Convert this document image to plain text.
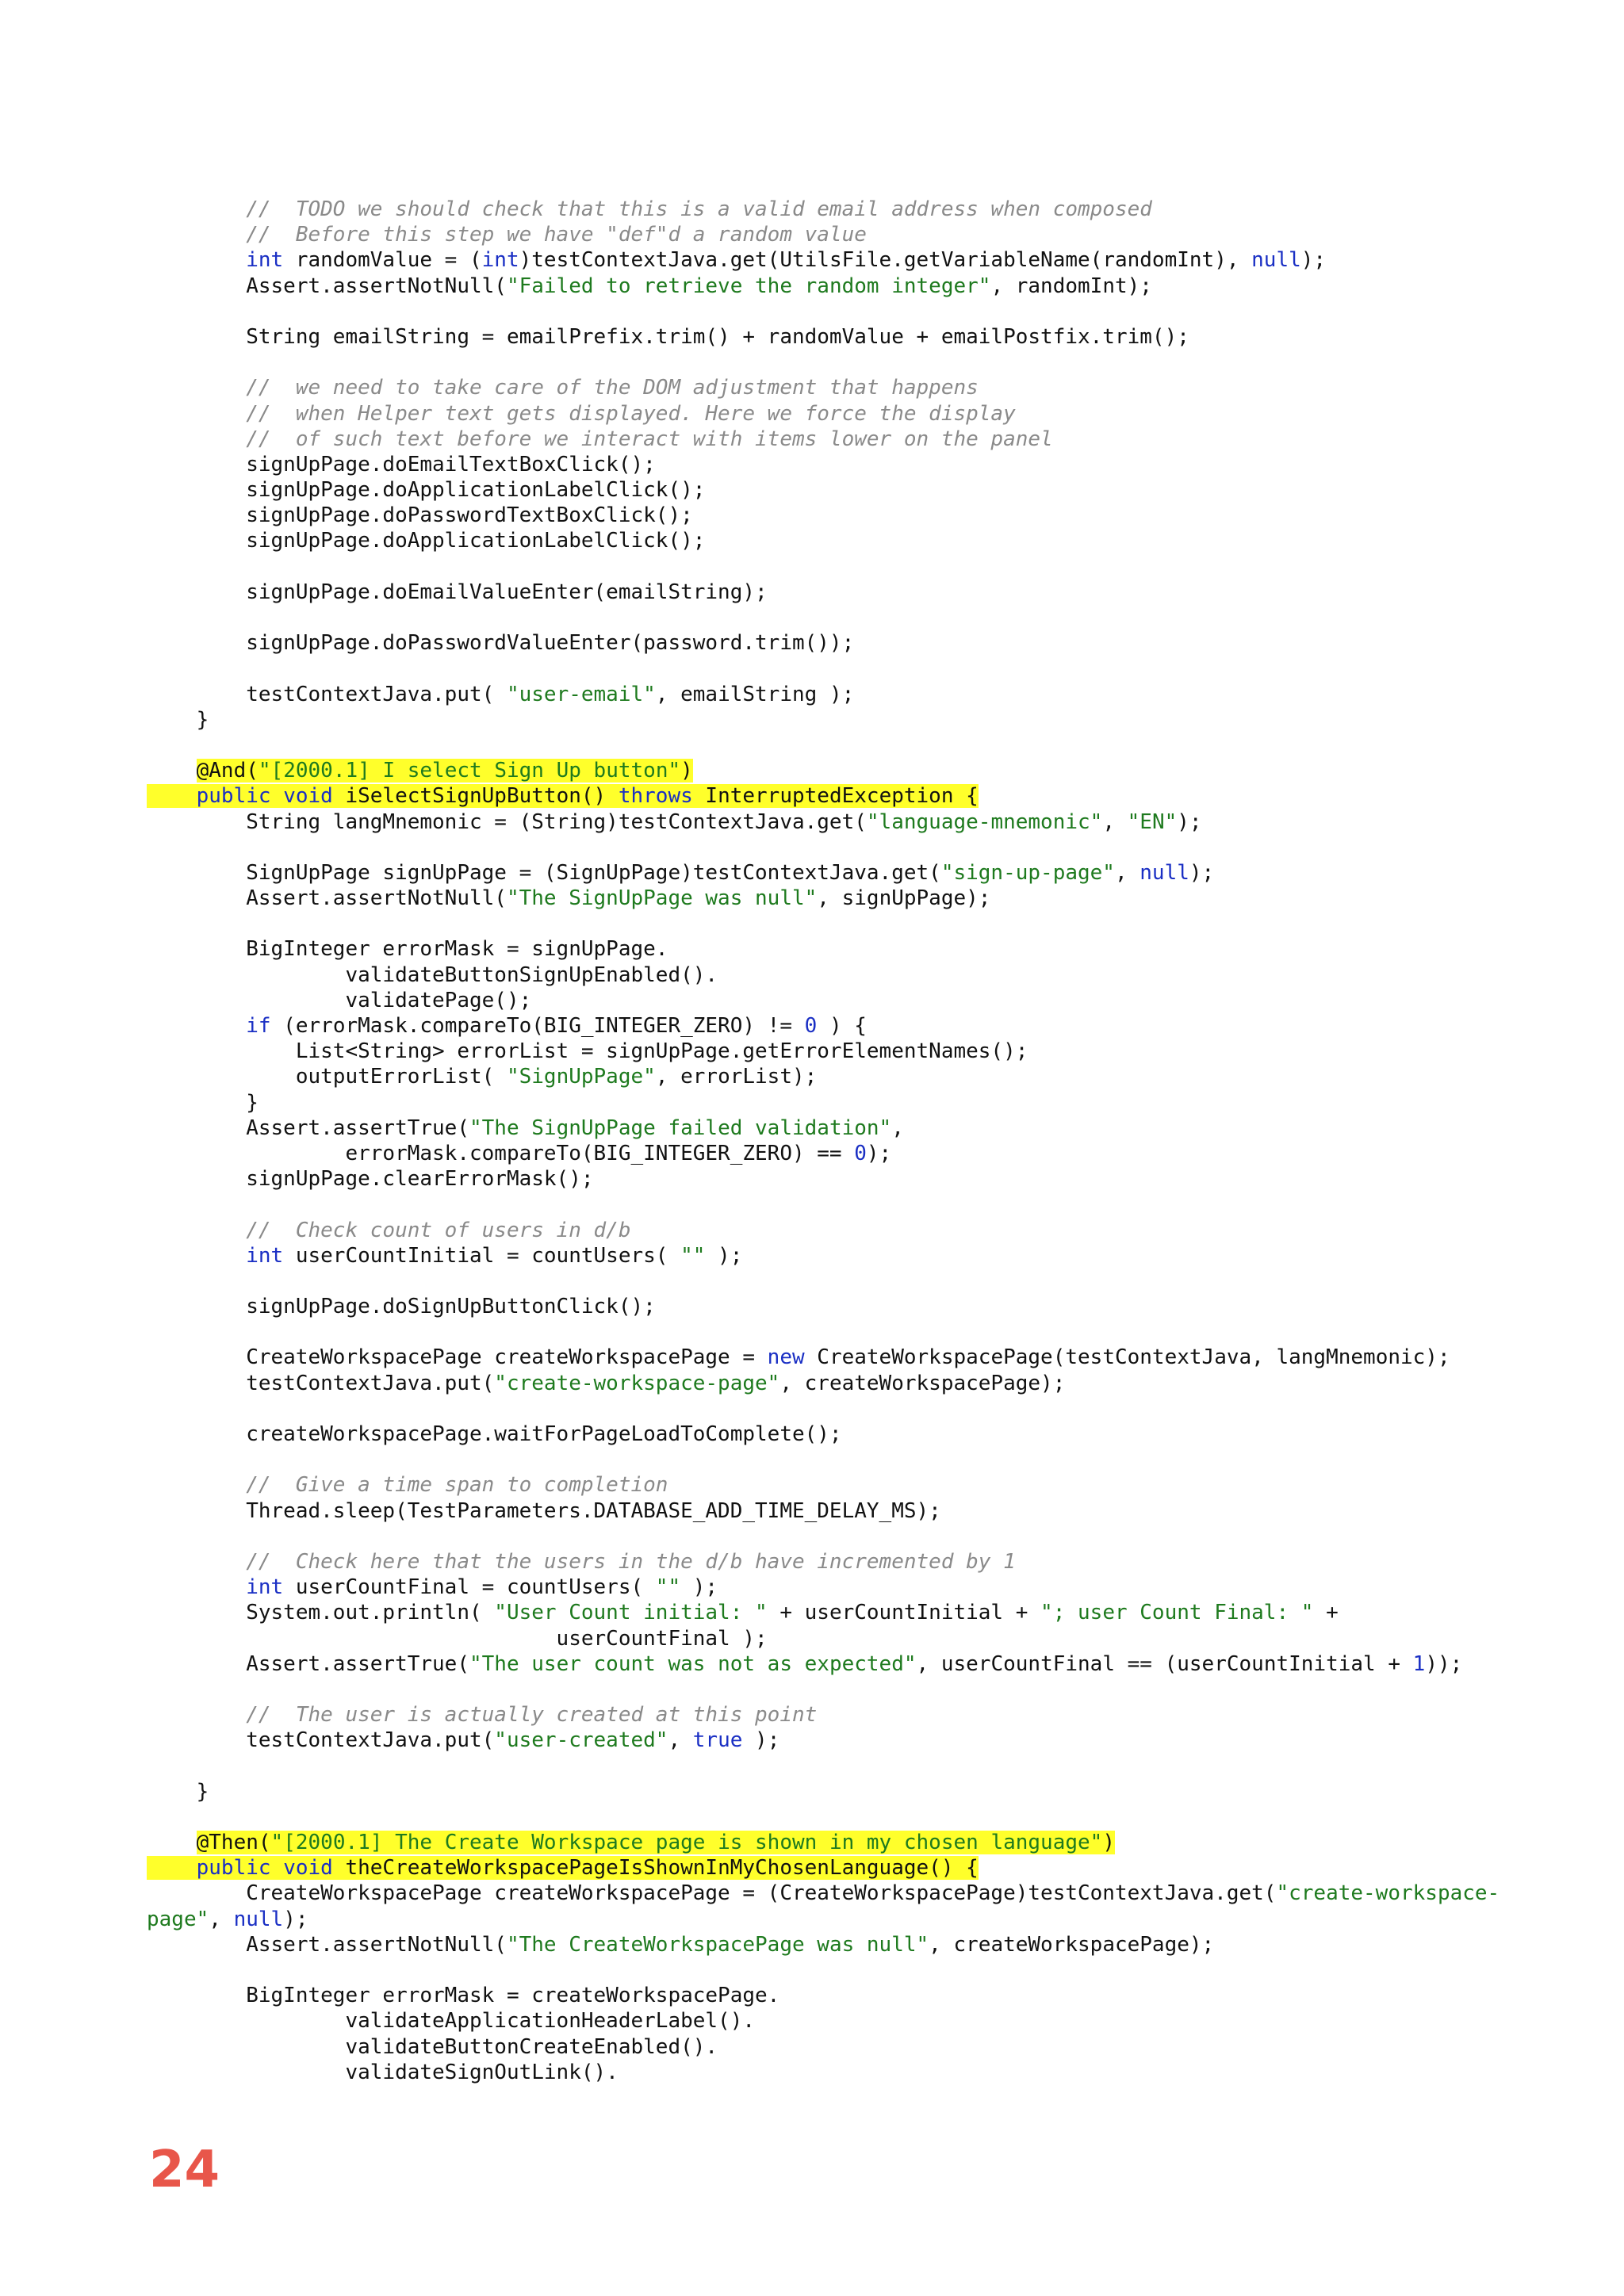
//  TODO we should check that this is a valid email address when composed
//  Before this step we have "def"d a random value
int randomValue = (int)testContextJava.get(UtilsFile.getVariableName(randomInt), null);
Assert.assertNotNull("Failed to retrieve the random integer", randomInt);
String emailString = emailPrefix.trim() + randomValue + emailPostfix.trim();
//  we need to take care of the DOM adjustment that happens
//  when Helper text gets displayed. Here we force the display
//  of such text before we interact with items lower on the panel
signUpPage.doEmailTextBoxClick();
signUpPage.doApplicationLabelClick();
signUpPage.doPasswordTextBoxClick();
signUpPage.doApplicationLabelClick();
signUpPage.doEmailValueEnter(emailString);
signUpPage.doPasswordValueEnter(password.trim());
testContextJava.put( "user-email", emailString );
}
@And("[2000.1] I select Sign Up button")
public void iSelectSignUpButton() throws InterruptedException {
String langMnemonic = (String)testContextJava.get("language-mnemonic", "EN");
SignUpPage signUpPage = (SignUpPage)testContextJava.get("sign-up-page", null);
Assert.assertNotNull("The SignUpPage was null", signUpPage);
BigInteger errorMask = signUpPage.
validateButtonSignUpEnabled().
validatePage();
if (errorMask.compareTo(BIG_INTEGER_ZERO) != 0 ) {
List<String> errorList = signUpPage.getErrorElementNames();
outputErrorList( "SignUpPage", errorList);
}
Assert.assertTrue("The SignUpPage failed validation",
errorMask.compareTo(BIG_INTEGER_ZERO) == 0);
signUpPage.clearErrorMask();
//  Check count of users in d/b
int userCountInitial = countUsers( "" );
signUpPage.doSignUpButtonClick();
CreateWorkspacePage createWorkspacePage = new CreateWorkspacePage(testContextJava, langMnemonic);
testContextJava.put("create-workspace-page", createWorkspacePage);
createWorkspacePage.waitForPageLoadToComplete();
//  Give a time span to completion
Thread.sleep(TestParameters.DATABASE_ADD_TIME_DELAY_MS);
//  Check here that the users in the d/b have incremented by 1
int userCountFinal = countUsers( "" );
System.out.println( "User Count initial: " + userCountInitial + "; user Count Final: " +
userCountFinal );
Assert.assertTrue("The user count was not as expected", userCountFinal == (userCountInitial + 1));
//  The user is actually created at this point
testContextJava.put("user-created", true );
}
@Then("[2000.1] The Create Workspace page is shown in my chosen language")
public void theCreateWorkspacePageIsShownInMyChosenLanguage() {
CreateWorkspacePage createWorkspacePage = (CreateWorkspacePage)testContextJava.get("create-workspace-
page", null);
Assert.assertNotNull("The CreateWorkspacePage was null", createWorkspacePage);
BigInteger errorMask = createWorkspacePage.
validateApplicationHeaderLabel().
validateButtonCreateEnabled().
validateSignOutLink().
24
